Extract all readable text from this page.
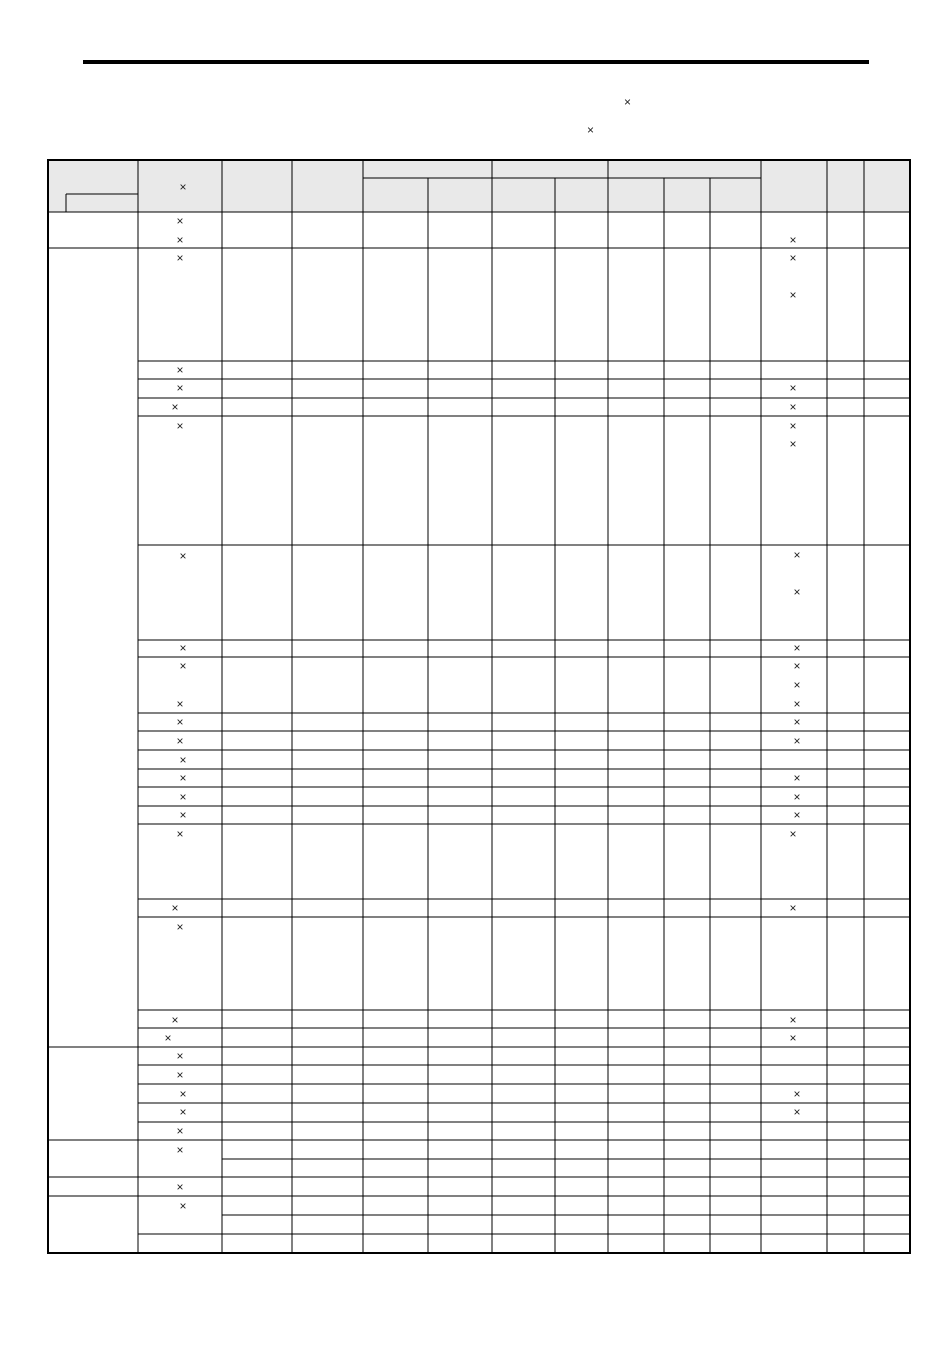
×
×
×
×
×
×
×
×
×
×
×
×
×
×
×
×
×
×
×
×
×
×
×
×
×
×
×
×
×
×
×
×
×
×
×
×
×
×
×
×
×
×
×
×
×
×
×
×
×
×
×
×
×
×
×
×
×
